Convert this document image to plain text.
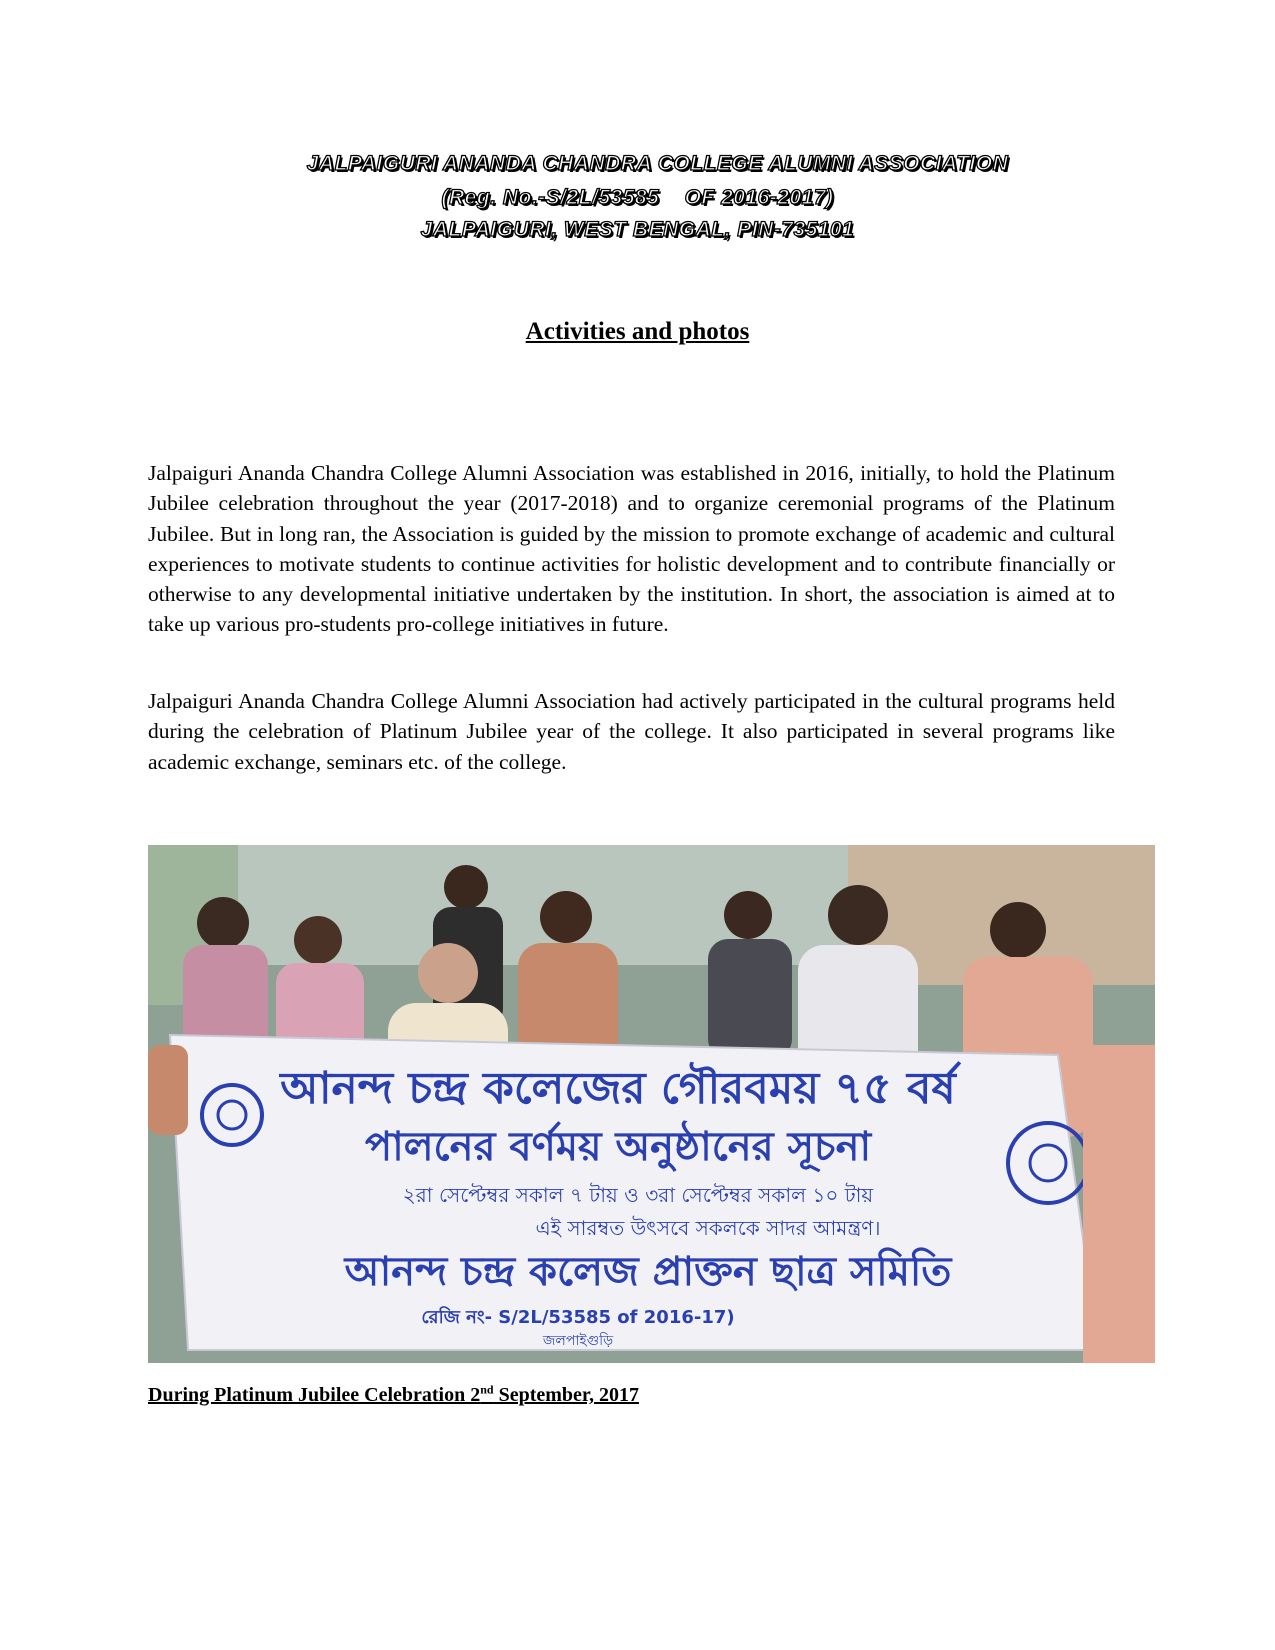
JALPAIGURI ANANDA CHANDRA COLLEGE ALUMNI ASSOCIATION
(Reg. No.-S/2L/53585    OF 2016-2017)
JALPAIGURI, WEST BENGAL, PIN-735101
Activities and photos

Jalpaiguri Ananda Chandra College Alumni Association was established in 2016, initially, to hold the Platinum Jubilee celebration throughout the year (2017-2018) and to organize ceremonial programs of the Platinum Jubilee. But in long ran, the Association is guided by the mission to promote exchange of academic and cultural experiences to motivate students to continue activities for holistic development and to contribute financially or otherwise to any developmental initiative undertaken by the institution. In short, the association is aimed at to take up various pro-students pro-college initiatives in future.

Jalpaiguri Ananda Chandra College Alumni Association had actively participated in the cultural programs held during the celebration of Platinum Jubilee year of the college. It also participated in several programs like academic exchange, seminars etc. of the college.

আনন্দ চন্দ্র কলেজের গৌরবময় ৭৫ বর্ষ
পালনের বর্ণময় অনুষ্ঠানের সূচনা
২রা সেপ্টেম্বর সকাল ৭ টায় ও ৩রা সেপ্টেম্বর সকাল ১০ টায়
এই সারম্বত উৎসবে সকলকে সাদর আমন্ত্রণ।
আনন্দ চন্দ্র কলেজ প্রাক্তন ছাত্র সমিতি
রেজি নং- S/2L/53585 of 2016-17)
জলপাইগুড়ি
During Platinum Jubilee Celebration 2nd September, 2017
